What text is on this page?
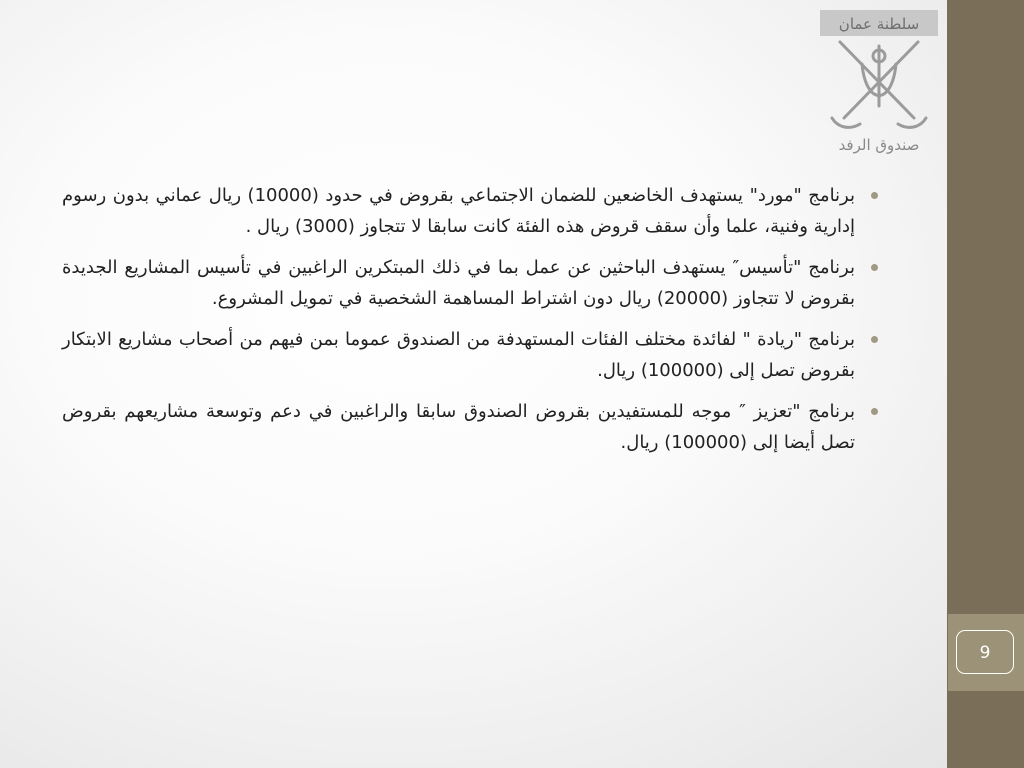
9
سلطنة عمان
صندوق الرفد
برنامج "مورد" يستهدف الخاضعين للضمان الاجتماعي بقروض في حدود (10000) ريال عماني بدون رسوم إدارية وفنية، علما وأن سقف قروض هذه الفئة كانت سابقا لا تتجاوز (3000) ريال .
برنامج "تأسيس″ يستهدف الباحثين عن عمل بما في ذلك المبتكرين الراغبين في تأسيس المشاريع الجديدة بقروض لا تتجاوز (20000) ريال دون اشتراط المساهمة الشخصية في تمويل المشروع.
برنامج "ريادة " لفائدة مختلف الفئات المستهدفة من الصندوق عموما بمن فيهم من أصحاب مشاريع الابتكار بقروض تصل إلى (100000) ريال.
برنامج "تعزيز ″ موجه للمستفيدين بقروض الصندوق سابقا والراغبين في دعم وتوسعة مشاريعهم بقروض تصل أيضا إلى (100000) ريال.
